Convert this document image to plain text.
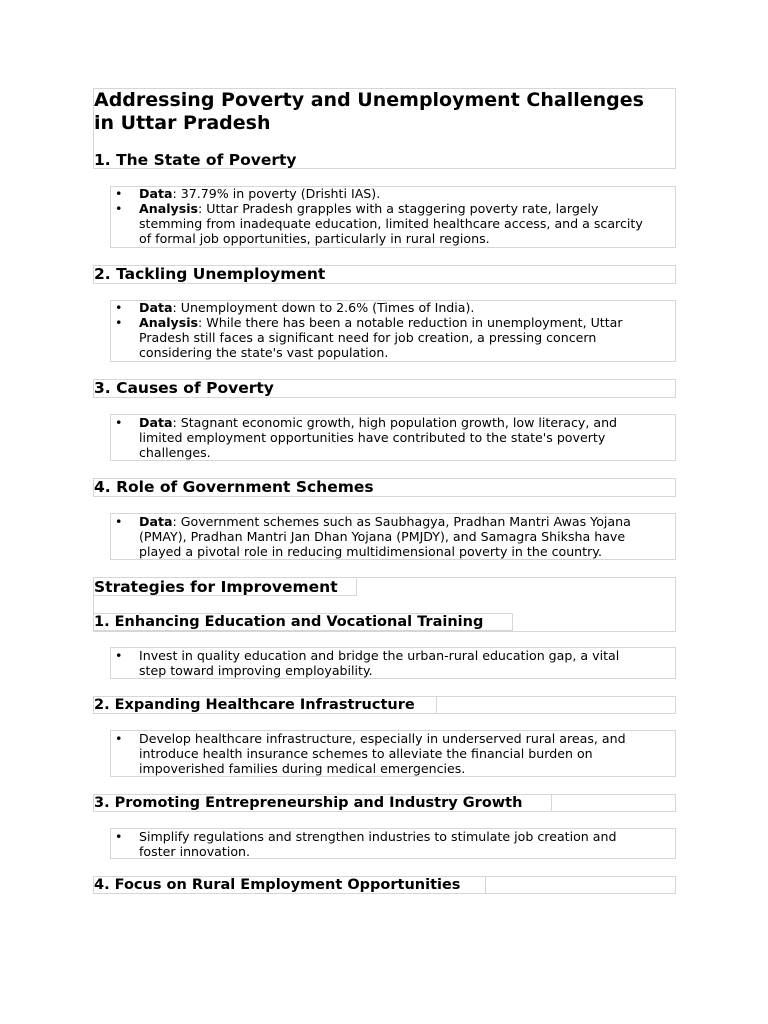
Addressing Poverty and Unemployment Challenges in Uttar Pradesh
1. The State of Poverty
• Data: 37.79% in poverty (Drishti IAS).
• Analysis: Uttar Pradesh grapples with a staggering poverty rate, largely stemming from inadequate education, limited healthcare access, and a scarcity of formal job opportunities, particularly in rural regions.
2. Tackling Unemployment
• Data: Unemployment down to 2.6% (Times of India).
• Analysis: While there has been a notable reduction in unemployment, Uttar Pradesh still faces a significant need for job creation, a pressing concern considering the state's vast population.
3. Causes of Poverty
• Data: Stagnant economic growth, high population growth, low literacy, and limited employment opportunities have contributed to the state's poverty challenges.
4. Role of Government Schemes
• Data: Government schemes such as Saubhagya, Pradhan Mantri Awas Yojana (PMAY), Pradhan Mantri Jan Dhan Yojana (PMJDY), and Samagra Shiksha have played a pivotal role in reducing multidimensional poverty in the country.
Strategies for Improvement
1. Enhancing Education and Vocational Training
• Invest in quality education and bridge the urban-rural education gap, a vital step toward improving employability.
2. Expanding Healthcare Infrastructure
• Develop healthcare infrastructure, especially in underserved rural areas, and introduce health insurance schemes to alleviate the financial burden on impoverished families during medical emergencies.
3. Promoting Entrepreneurship and Industry Growth
• Simplify regulations and strengthen industries to stimulate job creation and foster innovation.
4. Focus on Rural Employment Opportunities
